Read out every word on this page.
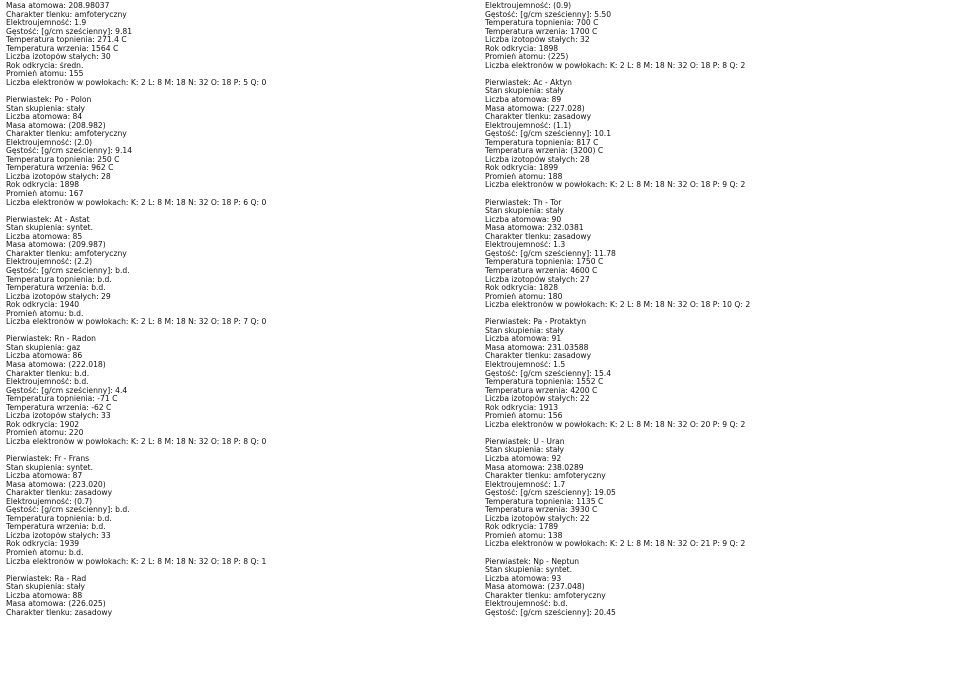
Masa atomowa: 208.98037
Charakter tlenku: amfoteryczny
Elektroujemność: 1.9
Gęstość: [g/cm sześcienny]: 9.81
Temperatura topnienia: 271.4 C
Temperatura wrzenia: 1564 C
Liczba izotopów stałych: 30
Rok odkrycia: średn.
Promień atomu: 155
Liczba elektronów w powłokach: K: 2 L: 8 M: 18 N: 32 O: 18 P: 5 Q: 0
Pierwiastek: Po - Polon
Stan skupienia: stały
Liczba atomowa: 84
Masa atomowa: (208.982)
Charakter tlenku: amfoteryczny
Elektroujemność: (2.0)
Gęstość: [g/cm sześcienny]: 9.14
Temperatura topnienia: 250 C
Temperatura wrzenia: 962 C
Liczba izotopów stałych: 28
Rok odkrycia: 1898
Promień atomu: 167
Liczba elektronów w powłokach: K: 2 L: 8 M: 18 N: 32 O: 18 P: 6 Q: 0
Pierwiastek: At - Astat
Stan skupienia: syntet.
Liczba atomowa: 85
Masa atomowa: (209.987)
Charakter tlenku: amfoteryczny
Elektroujemność: (2.2)
Gęstość: [g/cm sześcienny]: b.d.
Temperatura topnienia: b.d.
Temperatura wrzenia: b.d.
Liczba izotopów stałych: 29
Rok odkrycia: 1940
Promień atomu: b.d.
Liczba elektronów w powłokach: K: 2 L: 8 M: 18 N: 32 O: 18 P: 7 Q: 0
Pierwiastek: Rn - Radon
Stan skupienia: gaz
Liczba atomowa: 86
Masa atomowa: (222.018)
Charakter tlenku: b.d.
Elektroujemność: b.d.
Gęstość: [g/cm sześcienny]: 4.4
Temperatura topnienia: -71 C
Temperatura wrzenia: -62 C
Liczba izotopów stałych: 33
Rok odkrycia: 1902
Promień atomu: 220
Liczba elektronów w powłokach: K: 2 L: 8 M: 18 N: 32 O: 18 P: 8 Q: 0
Pierwiastek: Fr - Frans
Stan skupienia: syntet.
Liczba atomowa: 87
Masa atomowa: (223.020)
Charakter tlenku: zasadowy
Elektroujemność: (0.7)
Gęstość: [g/cm sześcienny]: b.d.
Temperatura topnienia: b.d.
Temperatura wrzenia: b.d.
Liczba izotopów stałych: 33
Rok odkrycia: 1939
Promień atomu: b.d.
Liczba elektronów w powłokach: K: 2 L: 8 M: 18 N: 32 O: 18 P: 8 Q: 1
Pierwiastek: Ra - Rad
Stan skupienia: stały
Liczba atomowa: 88
Masa atomowa: (226.025)
Charakter tlenku: zasadowy
Elektroujemność: (0.9)
Gęstość: [g/cm sześcienny]: 5.50
Temperatura topnienia: 700 C
Temperatura wrzenia: 1700 C
Liczba izotopów stałych: 32
Rok odkrycia: 1898
Promień atomu: (225)
Liczba elektronów w powłokach: K: 2 L: 8 M: 18 N: 32 O: 18 P: 8 Q: 2
Pierwiastek: Ac - Aktyn
Stan skupienia: stały
Liczba atomowa: 89
Masa atomowa: (227.028)
Charakter tlenku: zasadowy
Elektroujemność: (1.1)
Gęstość: [g/cm sześcienny]: 10.1
Temperatura topnienia: 817 C
Temperatura wrzenia: (3200) C
Liczba izotopów stałych: 28
Rok odkrycia: 1899
Promień atomu: 188
Liczba elektronów w powłokach: K: 2 L: 8 M: 18 N: 32 O: 18 P: 9 Q: 2
Pierwiastek: Th - Tor
Stan skupienia: stały
Liczba atomowa: 90
Masa atomowa: 232.0381
Charakter tlenku: zasadowy
Elektroujemność: 1.3
Gęstość: [g/cm sześcienny]: 11.78
Temperatura topnienia: 1750 C
Temperatura wrzenia: 4600 C
Liczba izotopów stałych: 27
Rok odkrycia: 1828
Promień atomu: 180
Liczba elektronów w powłokach: K: 2 L: 8 M: 18 N: 32 O: 18 P: 10 Q: 2
Pierwiastek: Pa - Protaktyn
Stan skupienia: stały
Liczba atomowa: 91
Masa atomowa: 231.03588
Charakter tlenku: zasadowy
Elektroujemność: 1.5
Gęstość: [g/cm sześcienny]: 15.4
Temperatura topnienia: 1552 C
Temperatura wrzenia: 4200 C
Liczba izotopów stałych: 22
Rok odkrycia: 1913
Promień atomu: 156
Liczba elektronów w powłokach: K: 2 L: 8 M: 18 N: 32 O: 20 P: 9 Q: 2
Pierwiastek: U - Uran
Stan skupienia: stały
Liczba atomowa: 92
Masa atomowa: 238.0289
Charakter tlenku: amfoteryczny
Elektroujemność: 1.7
Gęstość: [g/cm sześcienny]: 19.05
Temperatura topnienia: 1135 C
Temperatura wrzenia: 3930 C
Liczba izotopów stałych: 22
Rok odkrycia: 1789
Promień atomu: 138
Liczba elektronów w powłokach: K: 2 L: 8 M: 18 N: 32 O: 21 P: 9 Q: 2
Pierwiastek: Np - Neptun
Stan skupienia: syntet.
Liczba atomowa: 93
Masa atomowa: (237.048)
Charakter tlenku: amfoteryczny
Elektroujemność: b.d.
Gęstość: [g/cm sześcienny]: 20.45
